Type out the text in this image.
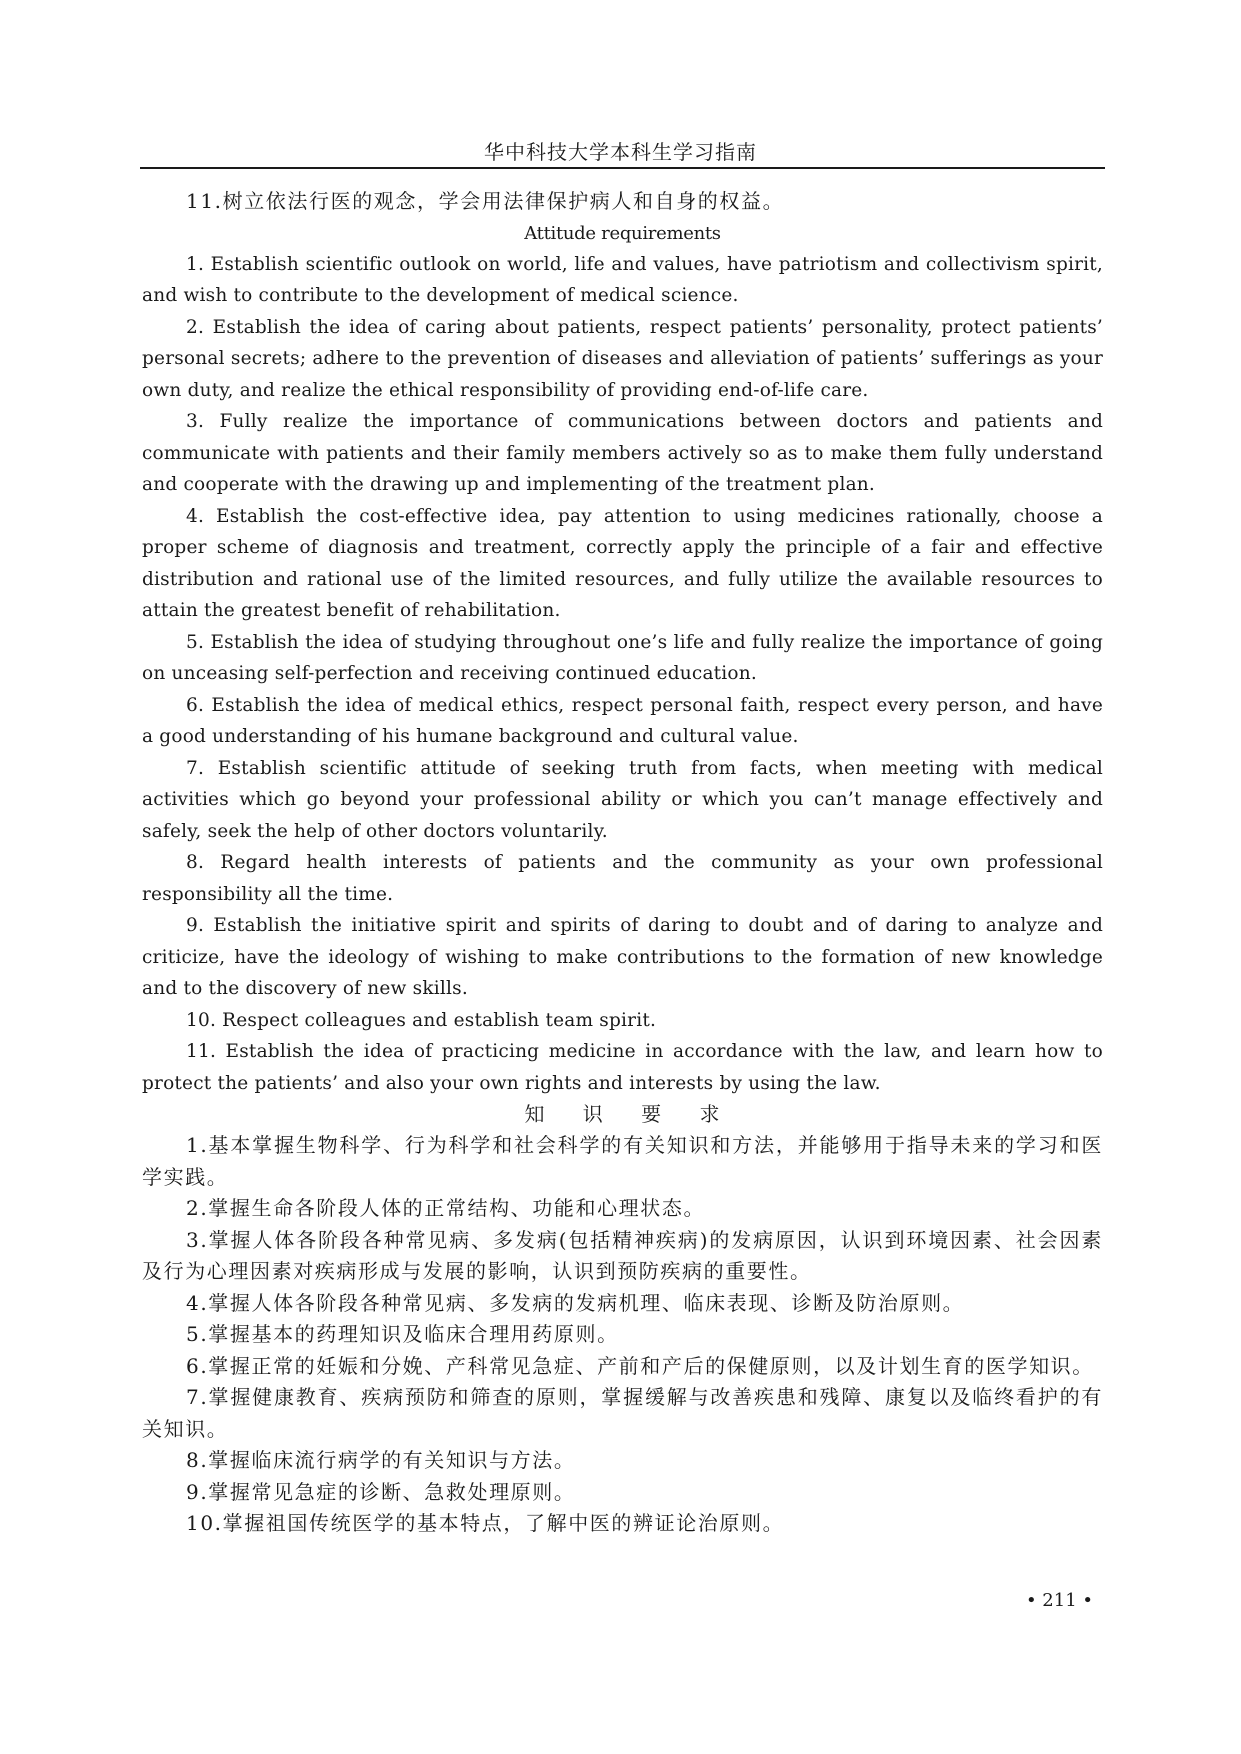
华中科技大学本科生学习指南

11.树立依法行医的观念，学会用法律保护病人和自身的权益。

Attitude requirements

1. Establish scientific outlook on world, life and values, have patriotism and collectivism spirit, and wish to contribute to the development of medical science.

2. Establish the idea of caring about patients, respect patients’ personality, protect patients’ personal secrets; adhere to the prevention of diseases and alleviation of patients’ sufferings as your own duty, and realize the ethical responsibility of providing end-of-life care.

3. Fully realize the importance of communications between doctors and patients and communicate with patients and their family members actively so as to make them fully understand and cooperate with the drawing up and implementing of the treatment plan.

4. Establish the cost-effective idea, pay attention to using medicines rationally, choose a proper scheme of diagnosis and treatment, correctly apply the principle of a fair and effective distribution and rational use of the limited resources, and fully utilize the available resources to attain the greatest benefit of rehabilitation.

5. Establish the idea of studying throughout one’s life and fully realize the importance of going on unceasing self-perfection and receiving continued education.

6. Establish the idea of medical ethics, respect personal faith, respect every person, and have a good understanding of his humane background and cultural value.

7. Establish scientific attitude of seeking truth from facts, when meeting with medical activities which go beyond your professional ability or which you can’t manage effectively and safely, seek the help of other doctors voluntarily.

8. Regard health interests of patients and the community as your own professional responsibility all the time.

9. Establish the initiative spirit and spirits of daring to doubt and of daring to analyze and criticize, have the ideology of wishing to make contributions to the formation of new knowledge and to the discovery of new skills.

10. Respect colleagues and establish team spirit.

11. Establish the idea of practicing medicine in accordance with the law, and learn how to protect the patients’ and also your own rights and interests by using the law.

知 识 要 求

1.基本掌握生物科学、行为科学和社会科学的有关知识和方法，并能够用于指导未来的学习和医学实践。

2.掌握生命各阶段人体的正常结构、功能和心理状态。

3.掌握人体各阶段各种常见病、多发病(包括精神疾病)的发病原因，认识到环境因素、社会因素及行为心理因素对疾病形成与发展的影响，认识到预防疾病的重要性。

4.掌握人体各阶段各种常见病、多发病的发病机理、临床表现、诊断及防治原则。

5.掌握基本的药理知识及临床合理用药原则。

6.掌握正常的妊娠和分娩、产科常见急症、产前和产后的保健原则，以及计划生育的医学知识。

7.掌握健康教育、疾病预防和筛查的原则，掌握缓解与改善疾患和残障、康复以及临终看护的有关知识。

8.掌握临床流行病学的有关知识与方法。

9.掌握常见急症的诊断、急救处理原则。

10.掌握祖国传统医学的基本特点，了解中医的辨证论治原则。

• 211 •
